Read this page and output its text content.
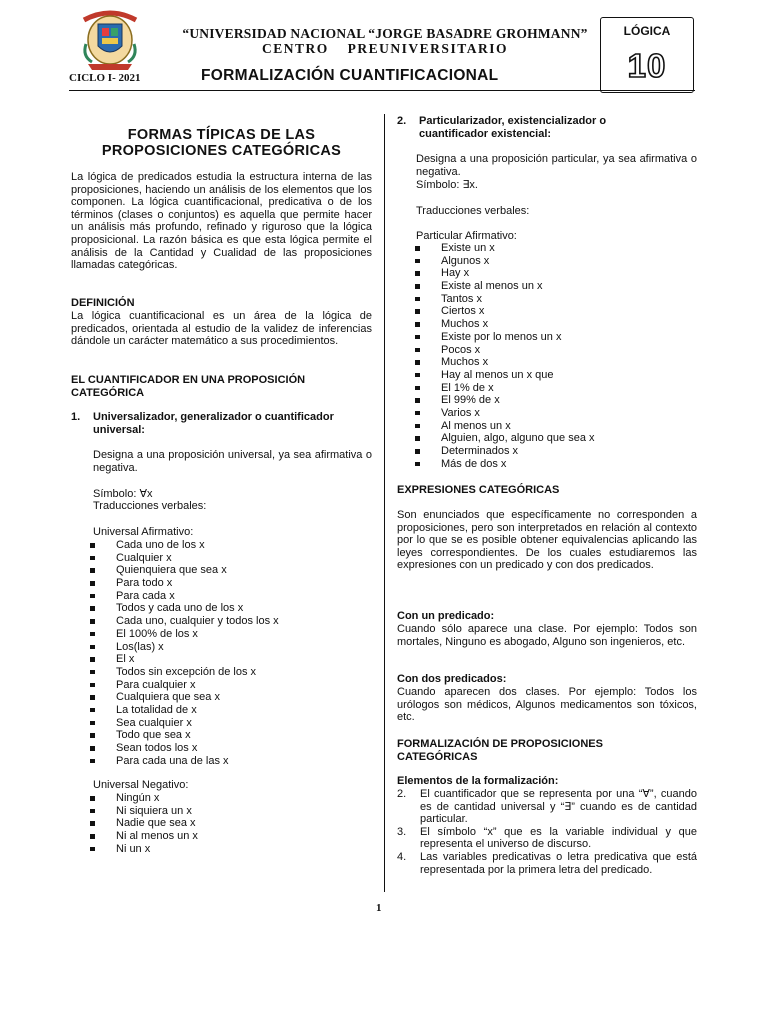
“UNIVERSIDAD NACIONAL “JORGE BASADRE GROHMANN”
CENTRO PREUNIVERSITARIO
CICLO I- 2021	FORMALIZACIÓN CUANTIFICACIONAL
LÓGICA
10
FORMAS TÍPICAS DE LAS PROPOSICIONES CATEGÓRICAS

La lógica de predicados estudia la estructura interna de las proposiciones, haciendo un análisis de los elementos que los componen. La lógica cuantificacional, predicativa o de los términos (clases o conjuntos) es aquella que permite hacer un análisis más profundo, refinado y riguroso que la lógica proposicional. La razón básica es que esta lógica permite el análisis de la Cantidad y Cualidad de las proposiciones llamadas categóricas.

DEFINICIÓN

La lógica cuantificacional es un área de la lógica de predicados, orientada al estudio de la validez de inferencias dándole un carácter matemático a sus procedimientos.

EL CUANTIFICADOR EN UNA PROPOSICIÓN CATEGÓRICA
1. Universalizador, generalizador o cuantificador universal:

Designa a una proposición universal, ya sea afirmativa o negativa.

Símbolo: ∀x
Traducciones verbales:
Universal Afirmativo:
Cada uno de los x
Cualquier x
Quienquiera que sea x
Para todo x
Para cada x
Todos y cada uno de los x
Cada uno, cualquier y todos los x
El 100% de los x
Los(las) x
El x
Todos sin excepción de los x
Para cualquier x
Cualquiera que sea x
La totalidad de x
Sea cualquier x
Todo que sea x
Sean todos los x
Para cada una de las x
Universal Negativo:
Ningún x
Ni siquiera un x
Nadie que sea x
Ni al menos un x
Ni un x
2. Particularizador, existencializador o cuantificador existencial:

Designa a una proposición particular, ya sea afirmativa o negativa.

Símbolo: ∃x.
Traducciones verbales:
Particular Afirmativo:
Existe un x
Algunos x
Hay x
Existe al menos un x
Tantos x
Ciertos x
Muchos x
Existe por lo menos un x
Pocos x
Muchos x
Hay al menos un x que
El 1% de x
El 99% de x
Varios x
Al menos un x
Alguien, algo, alguno que sea x
Determinados x
Más de dos x
EXPRESIONES CATEGÓRICAS

Son enunciados que específicamente no corresponden a proposiciones, pero son interpretados en relación al contexto por lo que se es posible obtener equivalencias aplicando las leyes correspondientes. De los cuales estudiaremos las expresiones con un predicado y con dos predicados.

Con un predicado:

Cuando sólo aparece una clase. Por ejemplo: Todos son mortales, Ninguno es abogado, Alguno son ingenieros, etc.

Con dos predicados:

Cuando aparecen dos clases. Por ejemplo: Todos los urólogos son médicos, Algunos medicamentos son tóxicos, etc.

FORMALIZACIÓN DE PROPOSICIONES CATEGÓRICAS
Elementos de la formalización:
2. El cuantificador que se representa por una “∀”, cuando es de cantidad universal y “∃” cuando es de cantidad particular.
3. El símbolo “x” que es la variable individual y que representa el universo de discurso.
4. Las variables predicativas o letra predicativa que está representada por la primera letra del predicado.
1
